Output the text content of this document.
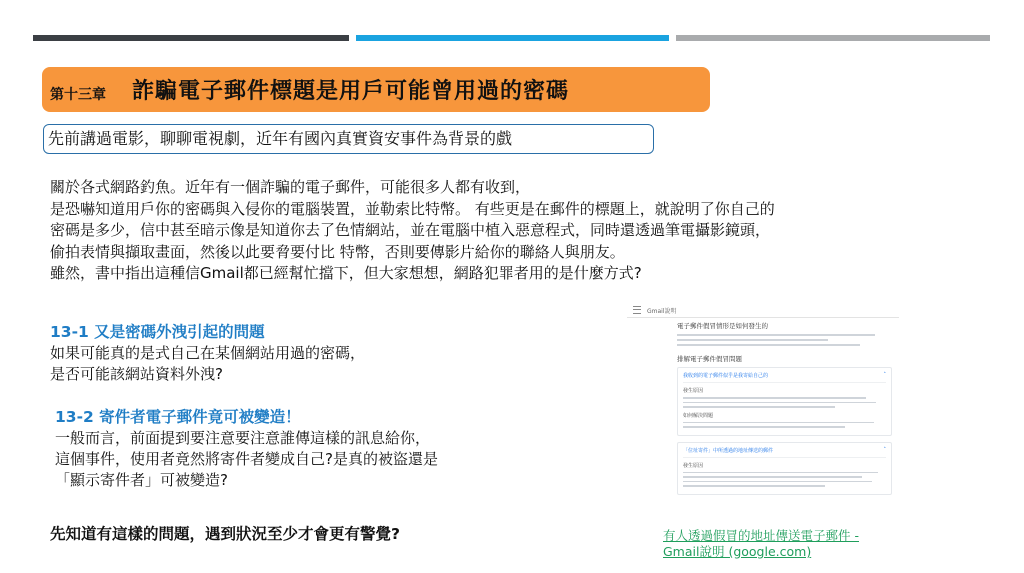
第十三章 詐騙電子郵件標題是用戶可能曾用過的密碼
先前講過電影，聊聊電視劇，近年有國內真實資安事件為背景的戲
關於各式網路釣魚。近年有一個詐騙的電子郵件，可能很多人都有收到，
是恐嚇知道用戶你的密碼與入侵你的電腦裝置，並勒索比特幣。 有些更是在郵件的標題上，就說明了你自己的
密碼是多少，信中甚至暗示像是知道你去了色情網站，並在電腦中植入惡意程式，同時還透過筆電攝影鏡頭，
偷拍表情與擷取畫面，然後以此要脅要付比 特幣，否則要傳影片給你的聯絡人與朋友。
雖然，書中指出這種信Gmail都已經幫忙擋下，但大家想想，網路犯罪者用的是什麼方式?
13-1 又是密碼外洩引起的問題
如果可能真的是式自己在某個網站用過的密碼，
是否可能該網站資料外洩?
13-2 寄件者電子郵件竟可被變造！
一般而言，前面提到要注意要注意誰傳這樣的訊息給你，
這個事件，使用者竟然將寄件者變成自己?是真的被盜還是
「顯示寄件者」可被變造?
先知道有這樣的問題，遇到狀況至少才會更有警覺?
Gmail說明
電子郵件假冒情形是如何發生的
排解電子郵件假冒問題
我收到的電子郵件似乎是我寄給自己的	˄
發生原因
如何解決問題
「位址寄件」中所透過的地址傳送的郵件	˄
發生原因
有人透過假冒的地址傳送電子郵件 -
Gmail說明 (google.com)
